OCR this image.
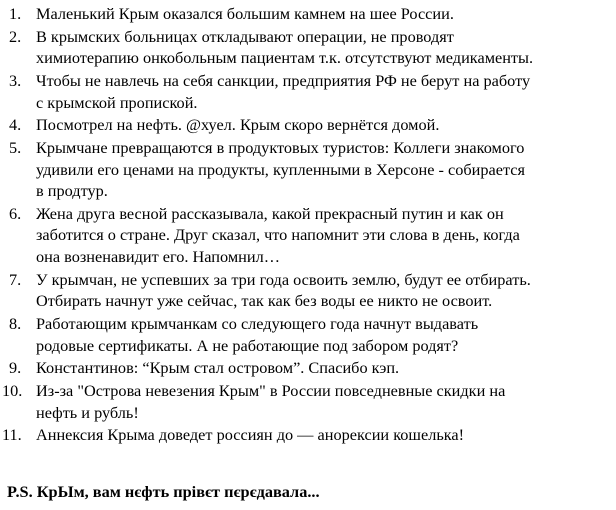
1. Маленький Крым оказался большим камнем на шее России.
2. В крымских больницах откладывают операции, не проводят
химиотерапию онкобольным пациентам т.к. отсутствуют медикаменты.
3. Чтобы не навлечь на себя санкции, предприятия РФ не берут на работу
с крымской пропиской.
4. Посмотрел на нефть. @хуел. Крым скоро вернётся домой.
5. Крымчане превращаются в продуктовых туристов: Коллеги знакомого
удивили его ценами на продукты, купленными в Херсоне - собирается
в продтур.
6. Жена друга весной рассказывала, какой прекрасный путин и как он
заботится о стране. Друг сказал, что напомнит эти слова в день, когда
она возненавидит его. Напомнил…
7. У крымчан, не успевших за три года освоить землю, будут ее отбирать.
Отбирать начнут уже сейчас, так как без воды ее никто не освоит.
8. Работающим крымчанкам со следующего года начнут выдавать
родовые сертификаты. А не работающие под забором родят?
9. Константинов: “Крым стал островом”. Спасибо кэп.
10. Из-за "Острова невезения Крым" в России повседневные скидки на
нефть и рубль!
11. Аннексия Крыма доведет россиян до — анорексии кошелька!
P.S. КрЫм, вам нєфть прівєт пєрєдавала...
